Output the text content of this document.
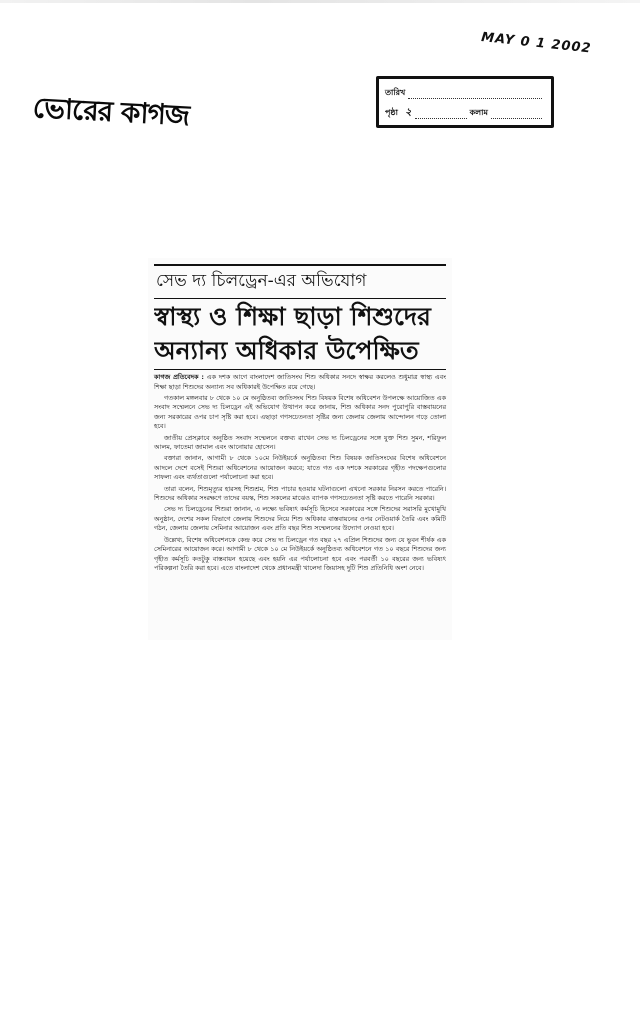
MAY 0 1 2002
ভোরের কাগজ	তারিখ
পৃষ্ঠা ২	কলাম
সেভ দ্য চিলড্রেন-এর অভিযোগ
স্বাস্থ্য ও শিক্ষা ছাড়া শিশুদের
অন্যান্য অধিকার উপেক্ষিত

কাগজ প্রতিবেদক : এক দশক আগে বাংলাদেশ জাতিসংঘ শিশু অধিকার সনদে স্বাক্ষর করলেও শুধুমাত্র স্বাস্থ্য এবং শিক্ষা ছাড়া শিশুদের অন্যান্য সব অধিকারই উপেক্ষিত রয়ে গেছে।

গতকাল মঙ্গলবার ৮ থেকে ১০ মে অনুষ্ঠিতব্য জাতিসংঘ শিশু বিষয়ক বিশেষ অধিবেশন উপলক্ষে আয়োজিত এক সংবাদ সম্মেলনে সেভ দ্য চিলড্রেন এই অভিযোগ উত্থাপন করে জানায়, শিশু অধিকার সনদ পুরোপুরি বাস্তবায়নের জন্য সরকারের ওপর চাপ সৃষ্টি করা হবে। এছাড়া গণসচেতনতা সৃষ্টির জন্য জেলায় জেলায় আন্দোলন গড়ে তোলা হবে।

জাতীয় প্রেসক্লাবে অনুষ্ঠিত সংবাদ সম্মেলনে বক্তব্য রাখেন সেভ দ্য চিলড্রেনের সঙ্গে যুক্ত শিশু সুমন, শরিফুল আলম, ফাতেমা জামাল এবং আনোয়ার হোসেন।

বক্তারা জানান, আগামী ৮ থেকে ১০মে নিউইয়র্কে অনুষ্ঠিতব্য শিশু বিষয়ক জাতিসংঘের বিশেষ অধিবেশনে আদলে দেশে বসেই শিশুরা অধিবেশনের আয়োজন করবে; যাতে গত এক দশকে সরকারের গৃহীত পদক্ষেপগুলোর সাফল্য এবং ব্যর্থতাগুলো পর্যালোচনা করা হবে।

তারা বলেন, শিশুমৃত্যুর হারসহ শিশুশ্রম, শিশু পাচার হওয়ার ঘটনাগুলো এখনো সরকার নিরসন করতে পারেনি। শিশুদের অধিকার সংরক্ষণে তাদের বয়স্ক, শিশু সকলের মাঝেও ব্যাপক গণসচেতনতা সৃষ্টি করতে পারেনি সরকার।

সেভ দ্য চিলড্রেনের শিশুরা জানান, এ লক্ষ্যে ভবিষ্যৎ কর্মসূচি হিসেবে সরকারের সঙ্গে শিশুদের সরাসরি মুখোমুখি অনুষ্ঠান, দেশের সকল বিভাগে জেলায় শিশুদের নিয়ে শিশু অধিকার বাস্তবায়নের ওপর নেটওয়ার্ক তৈরি এবং কমিটি গঠন, জেলায় জেলায় সেমিনার আয়োজন এবং প্রতি বছর শিশু সম্মেলনের উদ্যোগ নেওয়া হবে।

উল্লেখ্য, বিশেষ অধিবেশনকে কেন্দ্র করে সেভ দ্য চিলড্রেন গত বছর ২৭ এপ্রিল শিশুদের জন্য যে ভুবন শীর্ষক এক সেমিনারের আয়োজন করে। আগামী ৮ থেকে ১০ মে নিউইয়র্কে অনুষ্ঠিতব্য অধিবেশনে গত ১০ বছরে শিশুদের জন্য গৃহীত কর্মসূচি কতটুকু বাস্তবায়ন হয়েছে এবং হয়নি এর পর্যালোচনা হবে এবং পরবর্তী ১০ বছরের জন্য ভবিষ্যৎ পরিকল্পনা তৈরি করা হবে। এতে বাংলাদেশ থেকে প্রধানমন্ত্রী খালেদা জিয়াসহ দুটি শিশু প্রতিনিধি অংশ নেবে।
